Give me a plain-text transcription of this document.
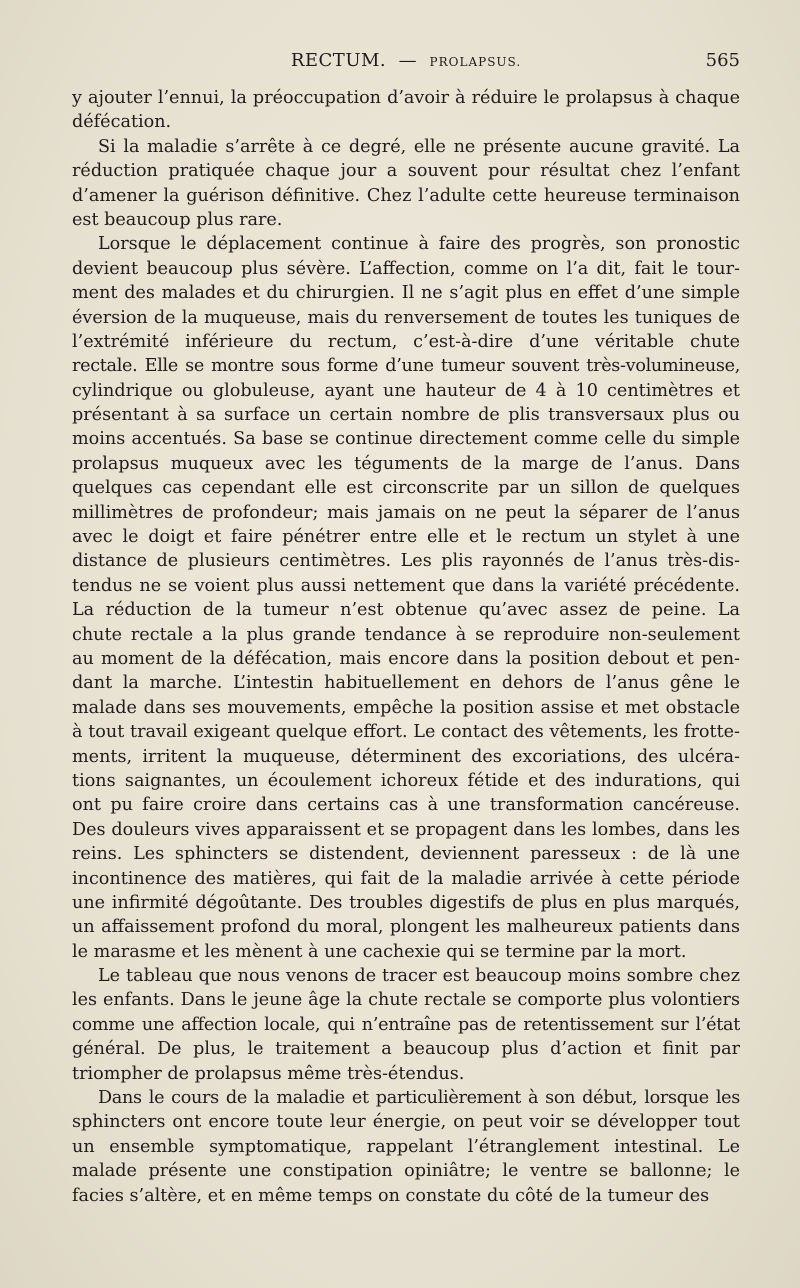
RECTUM. — PROLAPSUS.	565
y ajouter l’ennui, la préoccupation d’avoir à réduire le prolapsus à chaque
défécation.
Si la maladie s’arrête à ce degré, elle ne présente aucune gravité. La
réduction pratiquée chaque jour a souvent pour résultat chez l’enfant
d’amener la guérison définitive. Chez l’adulte cette heureuse terminaison
est beaucoup plus rare.
Lorsque le déplacement continue à faire des progrès, son pronostic
devient beaucoup plus sévère. L’affection, comme on l’a dit, fait le tour-
ment des malades et du chirurgien. Il ne s’agit plus en effet d’une simple
éversion de la muqueuse, mais du renversement de toutes les tuniques de
l’extrémité inférieure du rectum, c’est-à-dire d’une véritable chute
rectale. Elle se montre sous forme d’une tumeur souvent très-volumineuse,
cylindrique ou globuleuse, ayant une hauteur de 4 à 10 centimètres et
présentant à sa surface un certain nombre de plis transversaux plus ou
moins accentués. Sa base se continue directement comme celle du simple
prolapsus muqueux avec les téguments de la marge de l’anus. Dans
quelques cas cependant elle est circonscrite par un sillon de quelques
millimètres de profondeur; mais jamais on ne peut la séparer de l’anus
avec le doigt et faire pénétrer entre elle et le rectum un stylet à une
distance de plusieurs centimètres. Les plis rayonnés de l’anus très-dis-
tendus ne se voient plus aussi nettement que dans la variété précédente.
La réduction de la tumeur n’est obtenue qu’avec assez de peine. La
chute rectale a la plus grande tendance à se reproduire non-seulement
au moment de la défécation, mais encore dans la position debout et pen-
dant la marche. L’intestin habituellement en dehors de l’anus gêne le
malade dans ses mouvements, empêche la position assise et met obstacle
à tout travail exigeant quelque effort. Le contact des vêtements, les frotte-
ments, irritent la muqueuse, déterminent des excoriations, des ulcéra-
tions saignantes, un écoulement ichoreux fétide et des indurations, qui
ont pu faire croire dans certains cas à une transformation cancéreuse.
Des douleurs vives apparaissent et se propagent dans les lombes, dans les
reins. Les sphincters se distendent, deviennent paresseux : de là une
incontinence des matières, qui fait de la maladie arrivée à cette période
une infirmité dégoûtante. Des troubles digestifs de plus en plus marqués,
un affaissement profond du moral, plongent les malheureux patients dans
le marasme et les mènent à une cachexie qui se termine par la mort.
Le tableau que nous venons de tracer est beaucoup moins sombre chez
les enfants. Dans le jeune âge la chute rectale se comporte plus volontiers
comme une affection locale, qui n’entraîne pas de retentissement sur l’état
général. De plus, le traitement a beaucoup plus d’action et finit par
triompher de prolapsus même très-étendus.
Dans le cours de la maladie et particulièrement à son début, lorsque les
sphincters ont encore toute leur énergie, on peut voir se développer tout
un ensemble symptomatique, rappelant l’étranglement intestinal. Le
malade présente une constipation opiniâtre; le ventre se ballonne; le
facies s’altère, et en même temps on constate du côté de la tumeur des
